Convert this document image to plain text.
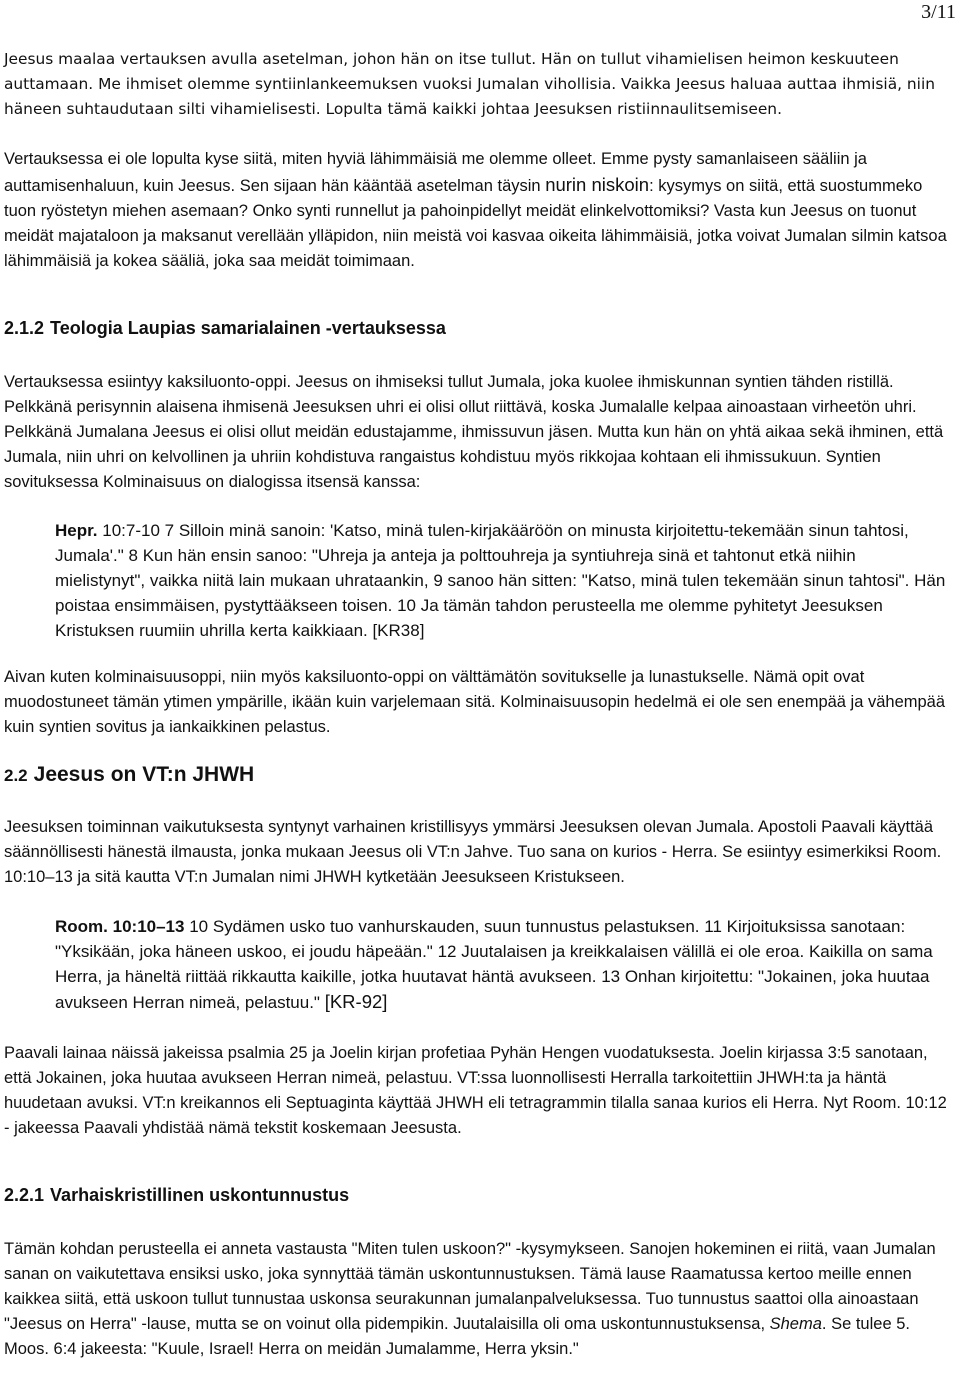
3/11

Jeesus maalaa vertauksen avulla asetelman, johon hän on itse tullut. Hän on tullut vihamielisen heimon keskuuteen auttamaan. Me ihmiset olemme syntiinlankeemuksen vuoksi Jumalan vihollisia. Vaikka Jeesus haluaa auttaa ihmisiä, niin häneen suhtaudutaan silti vihamielisesti. Lopulta tämä kaikki johtaa Jeesuksen ristiinnaulitsemiseen.

Vertauksessa ei ole lopulta kyse siitä, miten hyviä lähimmäisiä me olemme olleet. Emme pysty samanlaiseen sääliin ja auttamisenhaluun, kuin Jeesus. Sen sijaan hän kääntää asetelman täysin nurin niskoin: kysymys on siitä, että suostummeko tuon ryöstetyn miehen asemaan? Onko synti runnellut ja pahoinpidellyt meidät elinkelvottomiksi? Vasta kun Jeesus on tuonut meidät majataloon ja maksanut verellään ylläpidon, niin meistä voi kasvaa oikeita lähimmäisiä, jotka voivat Jumalan silmin katsoa lähimmäisiä ja kokea sääliä, joka saa meidät toimimaan.

2.1.2 Teologia Laupias samarialainen -vertauksessa

Vertauksessa esiintyy kaksiluonto-oppi. Jeesus on ihmiseksi tullut Jumala, joka kuolee ihmiskunnan syntien tähden ristillä. Pelkkänä perisynnin alaisena ihmisenä Jeesuksen uhri ei olisi ollut riittävä, koska Jumalalle kelpaa ainoastaan virheetön uhri. Pelkkänä Jumalana Jeesus ei olisi ollut meidän edustajamme, ihmissuvun jäsen. Mutta kun hän on yhtä aikaa sekä ihminen, että Jumala, niin uhri on kelvollinen ja uhriin kohdistuva rangaistus kohdistuu myös rikkojaa kohtaan eli ihmissukuun. Syntien sovituksessa Kolminaisuus on dialogissa itsensä kanssa:

Hepr. 10:7-10 7 Silloin minä sanoin: 'Katso, minä tulen-kirjakääröön on minusta kirjoitettu-tekemään sinun tahtosi, Jumala'." 8 Kun hän ensin sanoo: "Uhreja ja anteja ja polttouhreja ja syntiuhreja sinä et tahtonut etkä niihin mielistynyt", vaikka niitä lain mukaan uhrataankin, 9 sanoo hän sitten: "Katso, minä tulen tekemään sinun tahtosi". Hän poistaa ensimmäisen, pystyttääkseen toisen. 10 Ja tämän tahdon perusteella me olemme pyhitetyt Jeesuksen Kristuksen ruumiin uhrilla kerta kaikkiaan. [KR38]

Aivan kuten kolminaisuusoppi, niin myös kaksiluonto-oppi on välttämätön sovitukselle ja lunastukselle. Nämä opit ovat muodostuneet tämän ytimen ympärille, ikään kuin varjelemaan sitä. Kolminaisuusopin hedelmä ei ole sen enempää ja vähempää kuin syntien sovitus ja iankaikkinen pelastus.

2.2 Jeesus on VT:n JHWH

Jeesuksen toiminnan vaikutuksesta syntynyt varhainen kristillisyys ymmärsi Jeesuksen olevan Jumala. Apostoli Paavali käyttää säännöllisesti hänestä ilmausta, jonka mukaan Jeesus oli VT:n Jahve. Tuo sana on kurios - Herra. Se esiintyy esimerkiksi Room. 10:10–13 ja sitä kautta VT:n Jumalan nimi JHWH kytketään Jeesukseen Kristukseen.

Room. 10:10–13 10 Sydämen usko tuo vanhurskauden, suun tunnustus pelastuksen. 11 Kirjoituksissa sanotaan: "Yksikään, joka häneen uskoo, ei joudu häpeään." 12 Juutalaisen ja kreikkalaisen välillä ei ole eroa. Kaikilla on sama Herra, ja häneltä riittää rikkautta kaikille, jotka huutavat häntä avukseen. 13 Onhan kirjoitettu: "Jokainen, joka huutaa avukseen Herran nimeä, pelastuu." [KR-92]

Paavali lainaa näissä jakeissa psalmia 25 ja Joelin kirjan profetiaa Pyhän Hengen vuodatuksesta. Joelin kirjassa 3:5 sanotaan, että Jokainen, joka huutaa avukseen Herran nimeä, pelastuu. VT:ssa luonnollisesti Herralla tarkoitettiin JHWH:ta ja häntä huudetaan avuksi. VT:n kreikannos eli Septuaginta käyttää JHWH eli tetragrammin tilalla sanaa kurios eli Herra. Nyt Room. 10:12 - jakeessa Paavali yhdistää nämä tekstit koskemaan Jeesusta.

2.2.1 Varhaiskristillinen uskontunnustus

Tämän kohdan perusteella ei anneta vastausta "Miten tulen uskoon?" -kysymykseen. Sanojen hokeminen ei riitä, vaan Jumalan sanan on vaikutettava ensiksi usko, joka synnyttää tämän uskontunnustuksen. Tämä lause Raamatussa kertoo meille ennen kaikkea siitä, että uskoon tullut tunnustaa uskonsa seurakunnan jumalanpalveluksessa. Tuo tunnustus saattoi olla ainoastaan "Jeesus on Herra" -lause, mutta se on voinut olla pidempikin. Juutalaisilla oli oma uskontunnustuksensa, Shema. Se tulee 5. Moos. 6:4 jakeesta: "Kuule, Israel! Herra on meidän Jumalamme, Herra yksin."
